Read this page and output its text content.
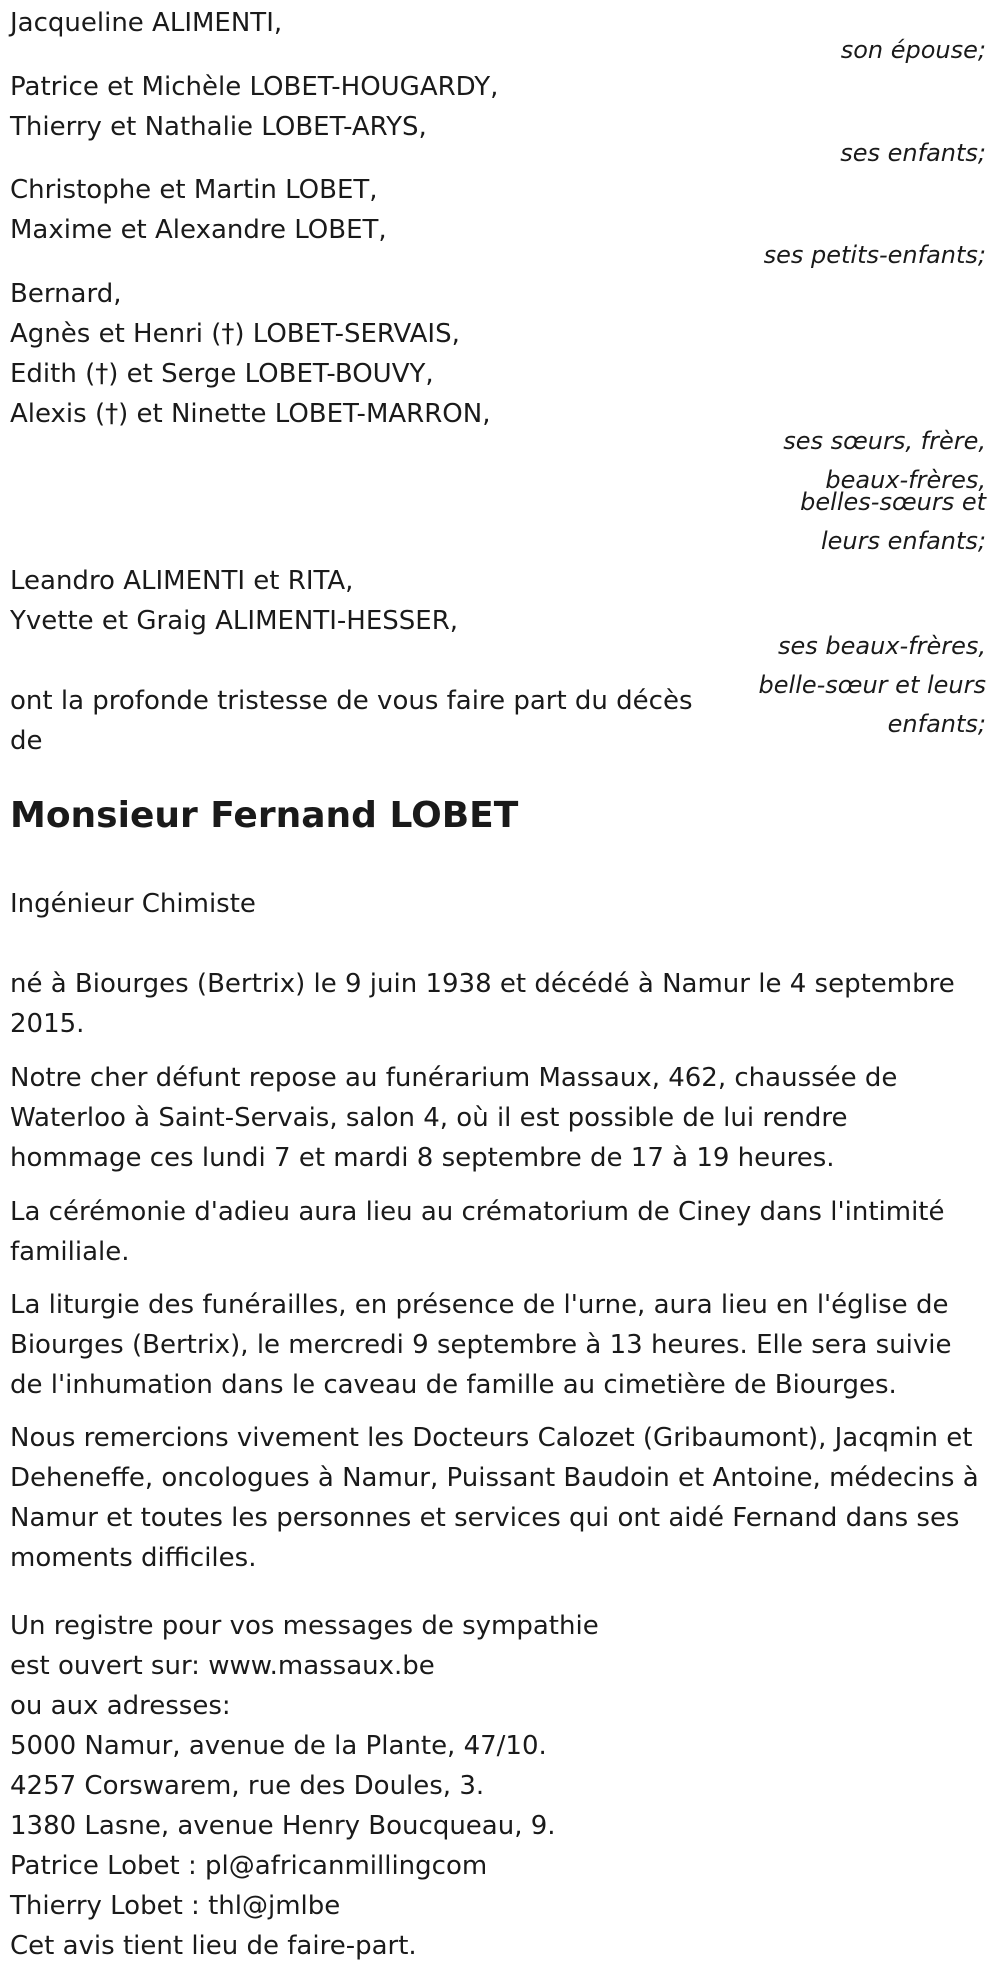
Jacqueline ALIMENTI,
son épouse;
Patrice et Michèle LOBET-HOUGARDY,
Thierry et Nathalie LOBET-ARYS,
ses enfants;
Christophe et Martin LOBET,
Maxime et Alexandre LOBET,
ses petits-enfants;
Bernard,
Agnès et Henri (†) LOBET-SERVAIS,
Edith (†) et Serge LOBET-BOUVY,
Alexis (†) et Ninette LOBET-MARRON,
ses sœurs, frère,
beaux-frères,
belles-sœurs et
leurs enfants;
Leandro ALIMENTI et RITA,
Yvette et Graig ALIMENTI-HESSER,
ses beaux-frères,
belle-sœur et leurs
enfants;
ont la profonde tristesse de vous faire part du décès
de
Monsieur Fernand LOBET
Ingénieur Chimiste
né à Biourges (Bertrix) le 9 juin 1938 et décédé à Namur le 4 septembre 2015.
Notre cher défunt repose au funérarium Massaux, 462, chaussée de Waterloo à Saint-Servais, salon 4, où il est possible de lui rendre hommage ces lundi 7 et mardi 8 septembre de 17 à 19 heures.
La cérémonie d'adieu aura lieu au crématorium de Ciney dans l'intimité familiale.
La liturgie des funérailles, en présence de l'urne, aura lieu en l'église de Biourges (Bertrix), le mercredi 9 septembre à 13 heures. Elle sera suivie de l'inhumation dans le caveau de famille au cimetière de Biourges.
Nous remercions vivement les Docteurs Calozet (Gribaumont), Jacqmin et Deheneffe, oncologues à Namur, Puissant Baudoin et Antoine, médecins à Namur et toutes les personnes et services qui ont aidé Fernand dans ses moments difficiles.
Un registre pour vos messages de sympathie
est ouvert sur: www.massaux.be
ou aux adresses:
5000 Namur, avenue de la Plante, 47/10.
4257 Corswarem, rue des Doules, 3.
1380 Lasne, avenue Henry Boucqueau, 9.
Patrice Lobet : pl@africanmillingcom
Thierry Lobet : thl@jmlbe
Cet avis tient lieu de faire-part.
